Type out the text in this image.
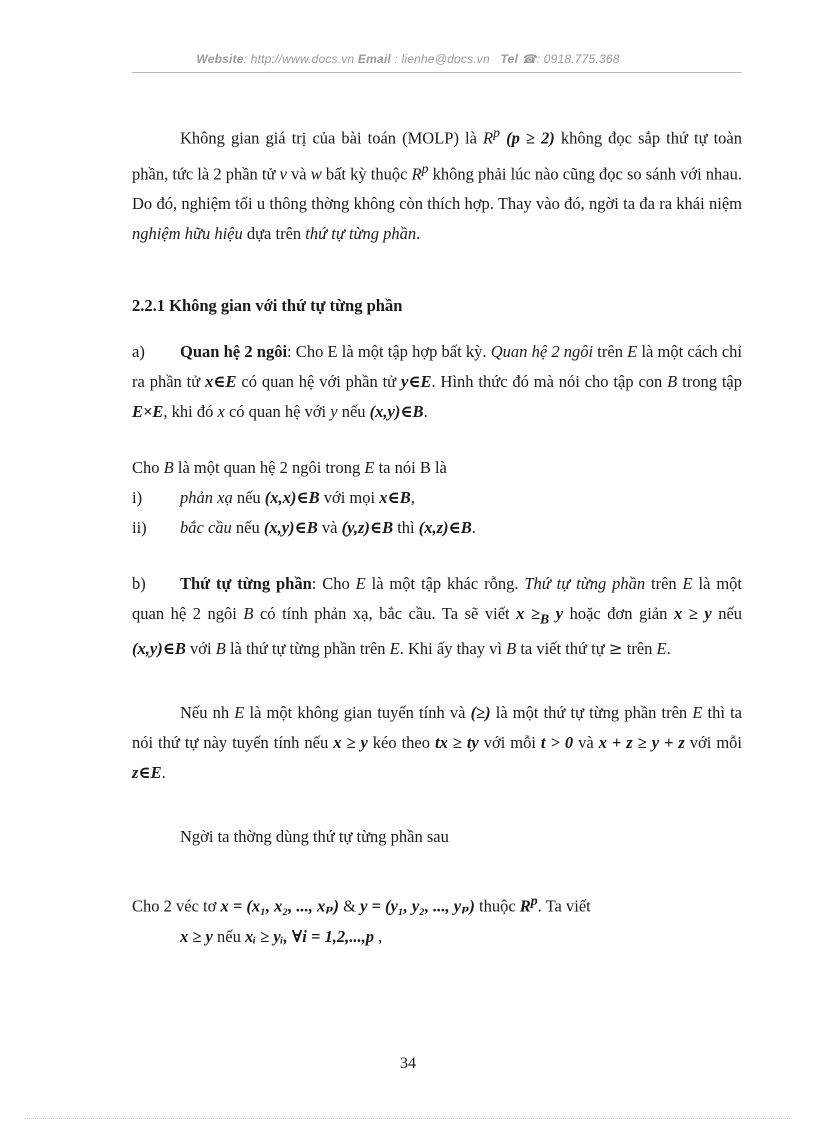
Website: http://www.docs.vn Email : lienhe@docs.vn Tel ☎: 0918.775.368

Không gian giá trị của bài toán (MOLP) là $R^p$ (p ≥ 2) không đọc sắp thứ tự toàn phần, tức là 2 phần tử v và w bất kỳ thuộc $R^p$ không phải lúc nào cũng đọc so sánh với nhau. Do đó, nghiệm tối u thông thờng không còn thích hợp. Thay vào đó, ngời ta đa ra khái niệm nghiệm hữu hiệu dựa trên thứ tự từng phần.

2.2.1 Không gian với thứ tự từng phần

a) Quan hệ 2 ngôi: Cho E là một tập hợp bất kỳ. Quan hệ 2 ngôi trên E là một cách chỉ ra phần tử x∈E có quan hệ với phần tử y∈E. Hình thức đó mà nói cho tập con B trong tập E×E, khi đó x có quan hệ với y nếu (x,y)∈B.

Cho B là một quan hệ 2 ngôi trong E ta nói B là

i)	phản xạ nếu (x,x)∈B với mọi x∈B,

ii)	bắc cầu nếu (x,y)∈B và (y,z)∈B thì (x,z)∈B.

b) Thứ tự từng phần: Cho E là một tập khác rỗng. Thứ tự từng phần trên E là một quan hệ 2 ngôi B có tính phản xạ, bắc cầu. Ta sẽ viết $x \ge_B$ y hoặc đơn giản x ≥ y nếu (x,y)∈B với B là thứ tự từng phần trên E. Khi ấy thay vì B ta viết thứ tự ≥ trên E.

Nếu nh E là một không gian tuyến tính và (≥) là một thứ tự từng phần trên E thì ta nói thứ tự này tuyến tính nếu x ≥ y kéo theo tx ≥ ty với mỗi t > 0 và x + z ≥ y + z với mỗi z∈E.

Ngời ta thờng dùng thứ tự từng phần sau

Cho 2 véc tơ x = (x₁, x₂, ..., xₚ) & y = (y₁, y₂, ..., yₚ) thuộc $R^p$. Ta viết

x ≥ y nếu xᵢ ≥ yᵢ, ∀i = 1,2,...,p ,

34
